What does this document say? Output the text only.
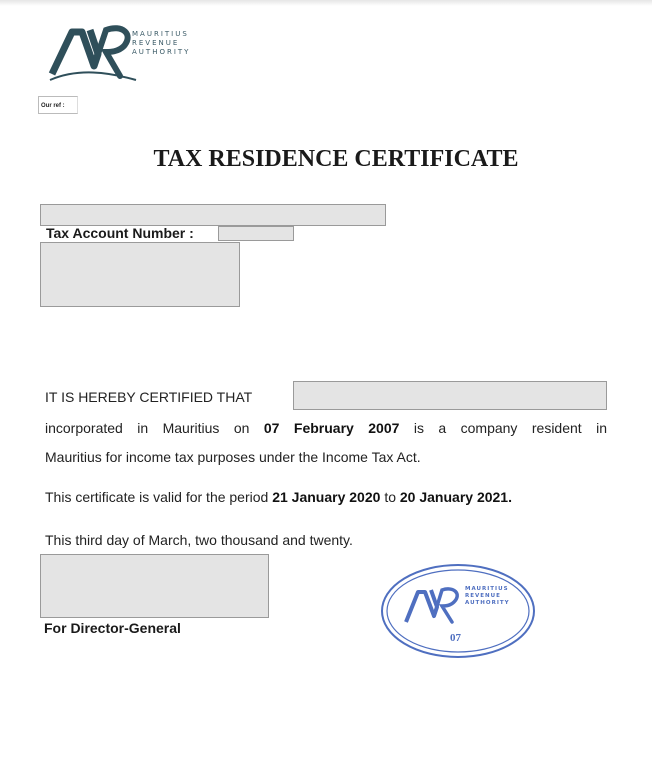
MAURITIUS
REVENUE
AUTHORITY
Our ref :
TAX RESIDENCE CERTIFICATE
Tax Account Number :
IT IS HEREBY CERTIFIED THAT
incorporated in Mauritius on 07 February 2007 is a company resident in
Mauritius for income tax purposes under the Income Tax Act.
This certificate is valid for the period 21 January 2020 to 20 January 2021.
This third day of March, two thousand and twenty.
For Director-General
MAURITIUS
REVENUE
AUTHORITY
07
